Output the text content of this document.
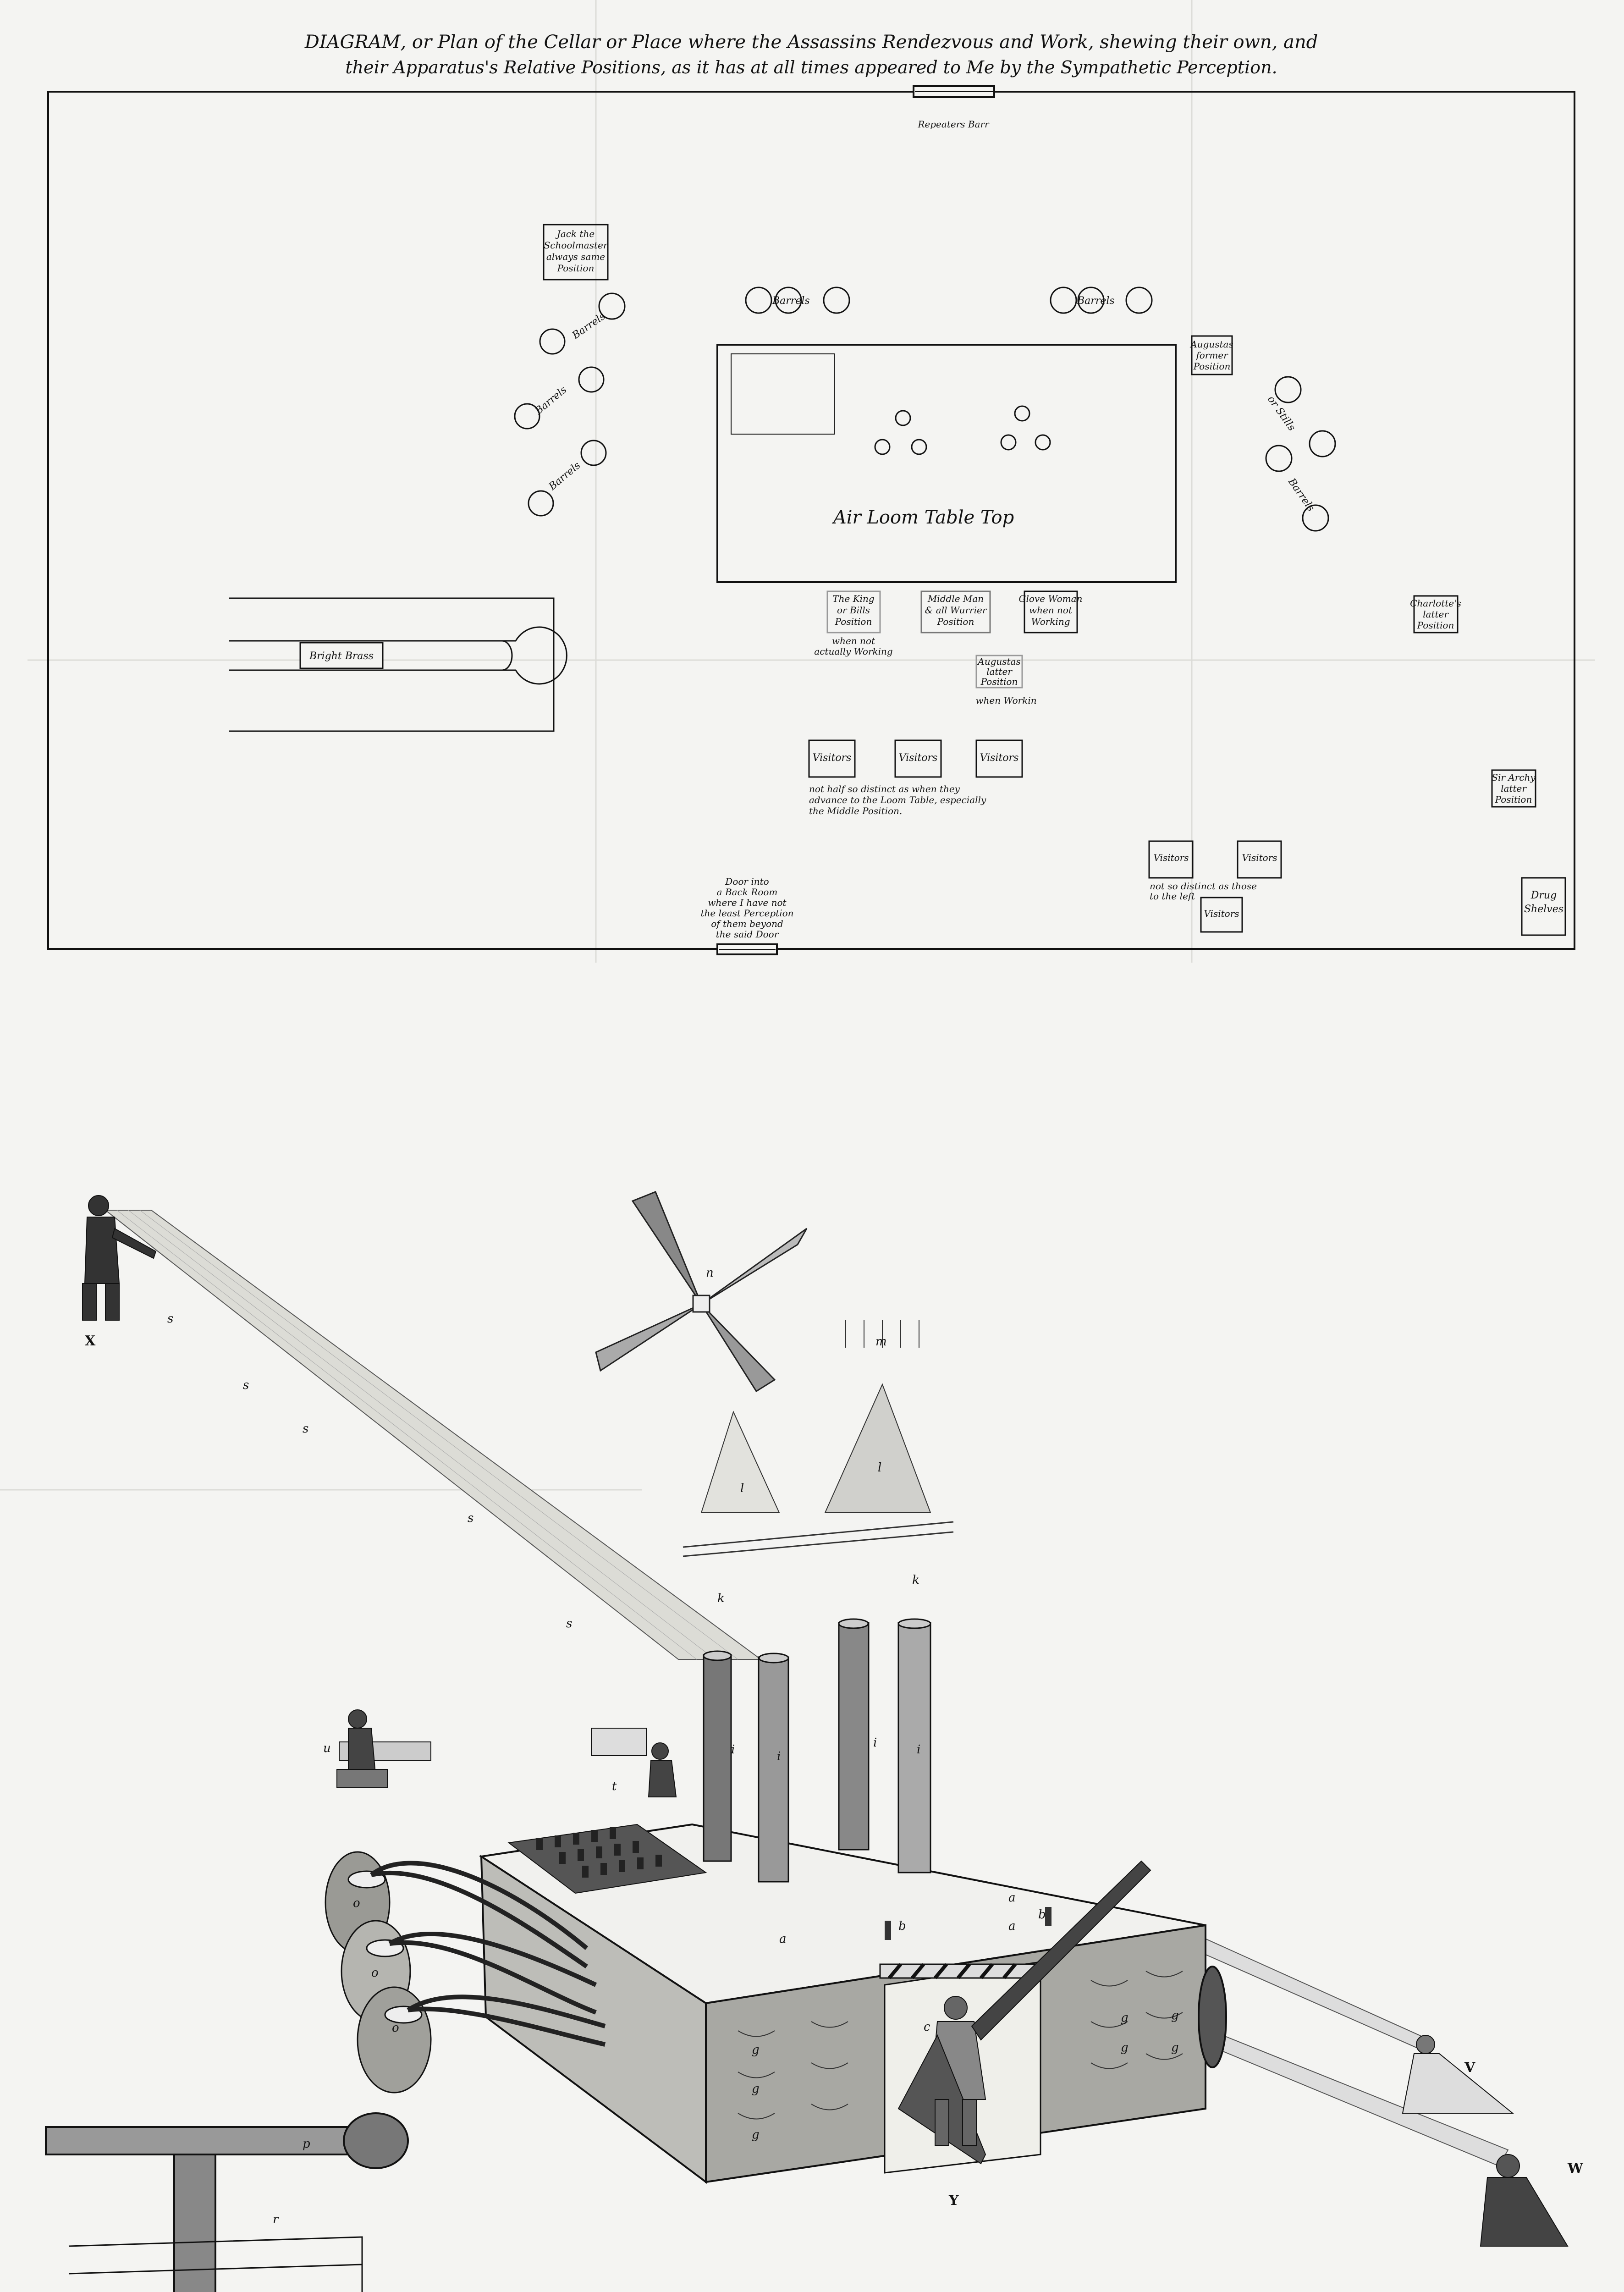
DIAGRAM, or Plan of the Cellar or Place where the Assassins Rendezvous and Work, shewing their own, and
their Apparatus's Relative Positions, as it has at all times appeared to Me by the Sympathetic Perception.
Repeaters Barr
Jack the
Schoolmaster
always same
Position
Barrels
Barrels
Barrels
Barrels	Barrels
Barrels
or Stills
Air Loom Table Top
Augustas
former
Position
Bright Brass
The King
or Bills
Position
when not
actually Working
Middle Man
& all Wurrier
Position
Glove Woman
when not
Working
Augustas
latter
Position
when Workin
Charlotte's
latter
Position
Visitors	Visitors	Visitors
Visitors	Visitors
Visitors
not half so distinct as when they
advance to the Loom Table, especially
the Middle Position.
Sir Archy
latter
Position
Door into
a Back Room
where I have not
the least Perception
of them beyond
the said Door
not so distinct as those
to the left	Drug
Shelves
X
s
s
s
s
s
n
m
l
l
k
k
i	i
i	i
u
t
a
a
a
b
b
c
g
g
g
g
g
g
g
o
o
o
p
r
Y
V
W
